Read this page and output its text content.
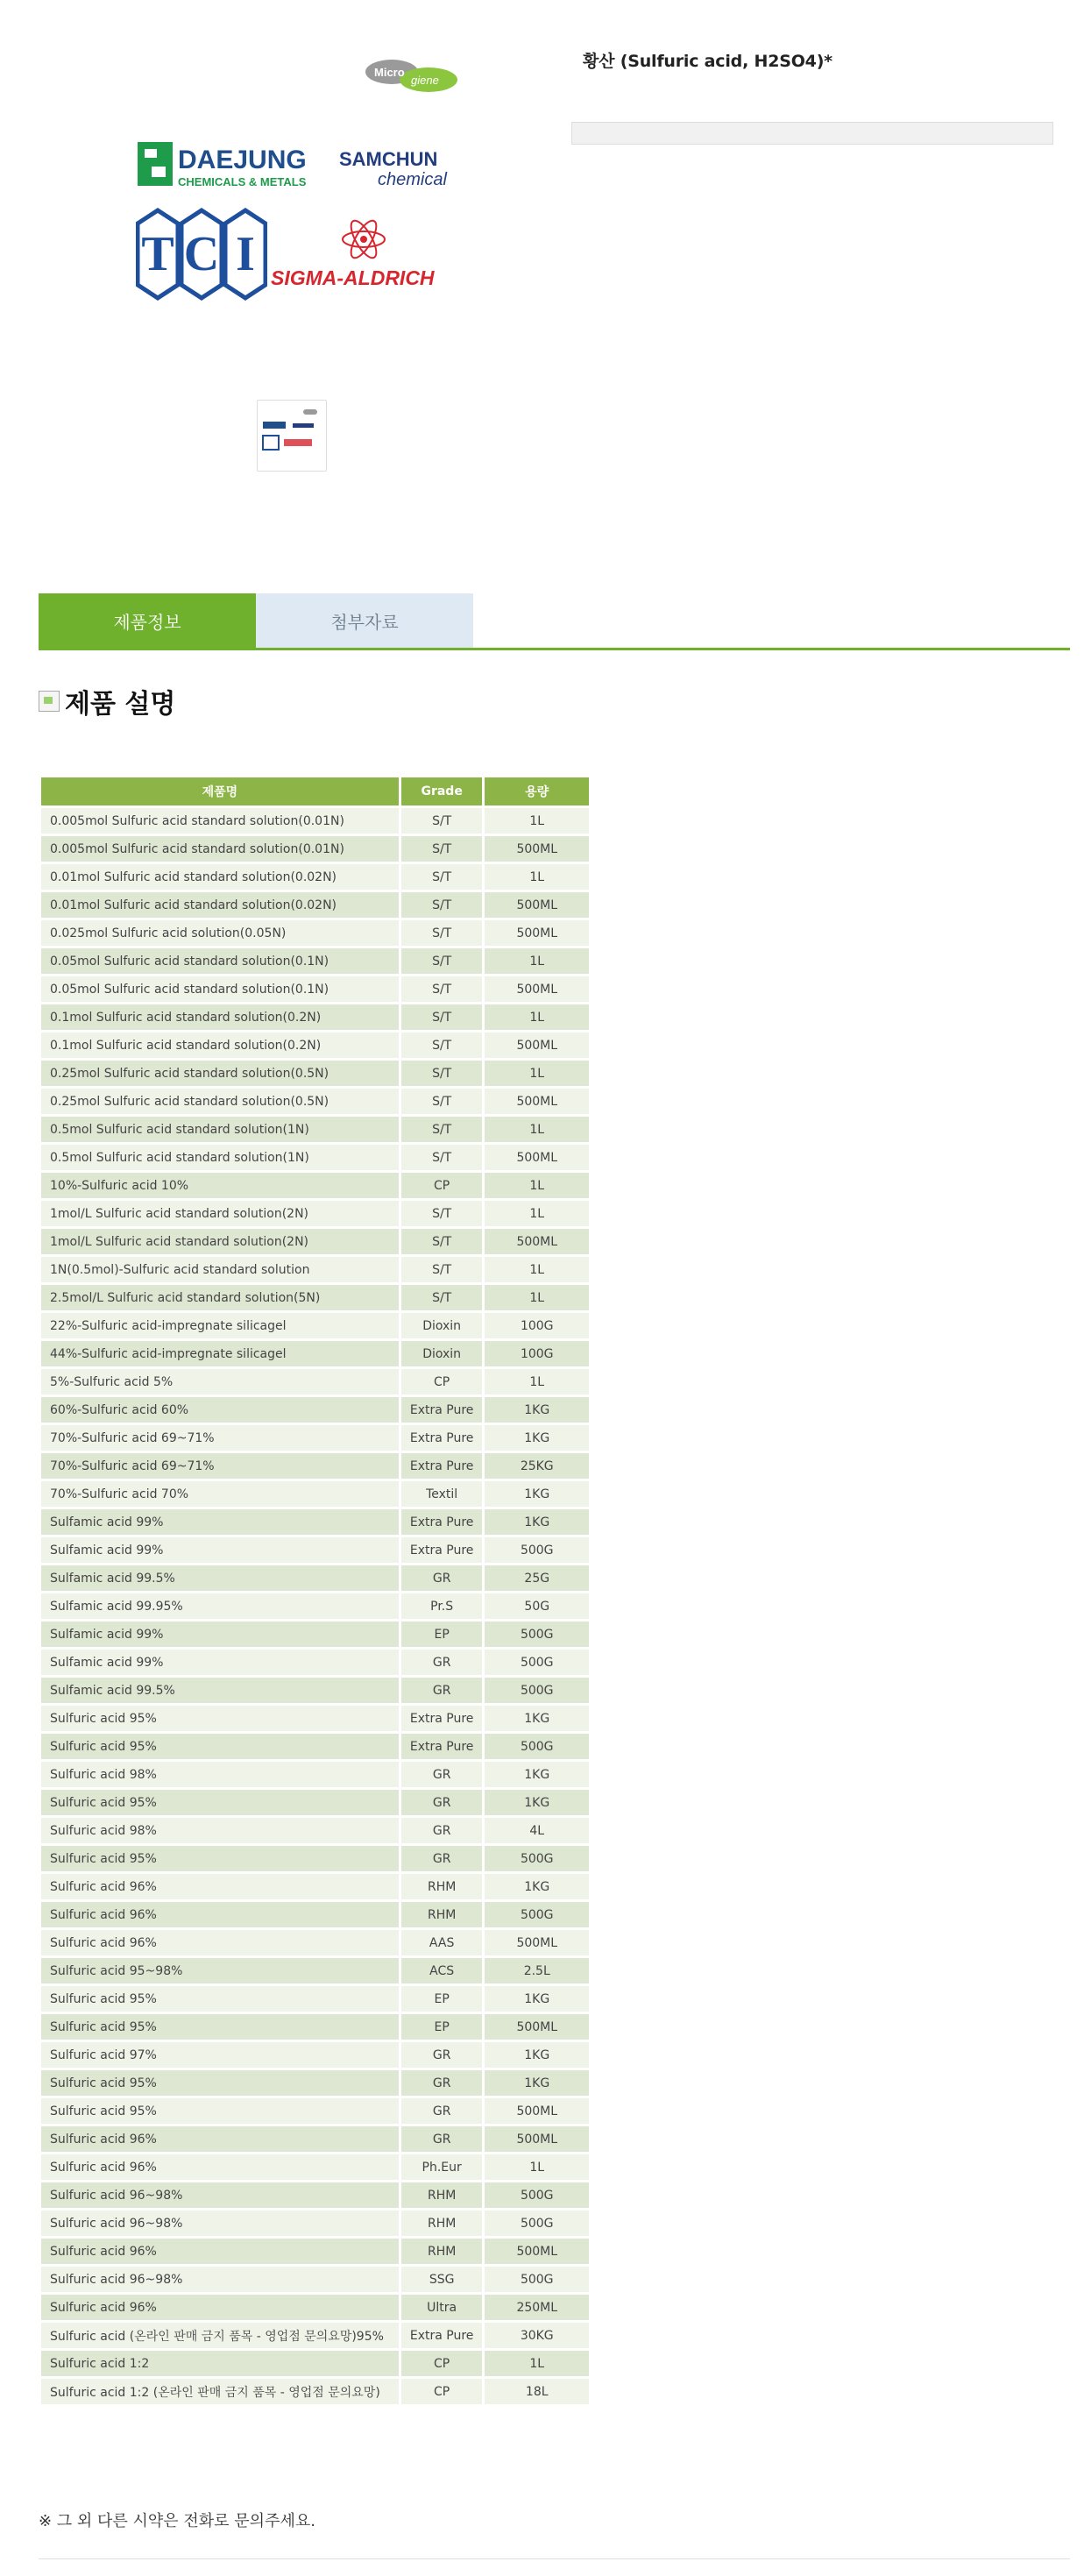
Micro
giene
DAEJUNG
CHEMICALS & METALS
SAMCHUN
chemical
T C I SIGMA-ALDRICH
황산 (Sulfuric acid, H2SO4)*
제품정보	첨부자료
제품 설명
제품명	Grade	용량
0.005mol Sulfuric acid standard solution(0.01N)	S/T	1L
0.005mol Sulfuric acid standard solution(0.01N)	S/T	500ML
0.01mol Sulfuric acid standard solution(0.02N)	S/T	1L
0.01mol Sulfuric acid standard solution(0.02N)	S/T	500ML
0.025mol Sulfuric acid solution(0.05N)	S/T	500ML
0.05mol Sulfuric acid standard solution(0.1N)	S/T	1L
0.05mol Sulfuric acid standard solution(0.1N)	S/T	500ML
0.1mol Sulfuric acid standard solution(0.2N)	S/T	1L
0.1mol Sulfuric acid standard solution(0.2N)	S/T	500ML
0.25mol Sulfuric acid standard solution(0.5N)	S/T	1L
0.25mol Sulfuric acid standard solution(0.5N)	S/T	500ML
0.5mol Sulfuric acid standard solution(1N)	S/T	1L
0.5mol Sulfuric acid standard solution(1N)	S/T	500ML
10%-Sulfuric acid 10%	CP	1L
1mol/L Sulfuric acid standard solution(2N)	S/T	1L
1mol/L Sulfuric acid standard solution(2N)	S/T	500ML
1N(0.5mol)-Sulfuric acid standard solution	S/T	1L
2.5mol/L Sulfuric acid standard solution(5N)	S/T	1L
22%-Sulfuric acid-impregnate silicagel	Dioxin	100G
44%-Sulfuric acid-impregnate silicagel	Dioxin	100G
5%-Sulfuric acid 5%	CP	1L
60%-Sulfuric acid 60%	Extra Pure	1KG
70%-Sulfuric acid 69~71%	Extra Pure	1KG
70%-Sulfuric acid 69~71%	Extra Pure	25KG
70%-Sulfuric acid 70%	Textil	1KG
Sulfamic acid 99%	Extra Pure	1KG
Sulfamic acid 99%	Extra Pure	500G
Sulfamic acid 99.5%	GR	25G
Sulfamic acid 99.95%	Pr.S	50G
Sulfamic acid 99%	EP	500G
Sulfamic acid 99%	GR	500G
Sulfamic acid 99.5%	GR	500G
Sulfuric acid 95%	Extra Pure	1KG
Sulfuric acid 95%	Extra Pure	500G
Sulfuric acid 98%	GR	1KG
Sulfuric acid 95%	GR	1KG
Sulfuric acid 98%	GR	4L
Sulfuric acid 95%	GR	500G
Sulfuric acid 96%	RHM	1KG
Sulfuric acid 96%	RHM	500G
Sulfuric acid 96%	AAS	500ML
Sulfuric acid 95~98%	ACS	2.5L
Sulfuric acid 95%	EP	1KG
Sulfuric acid 95%	EP	500ML
Sulfuric acid 97%	GR	1KG
Sulfuric acid 95%	GR	1KG
Sulfuric acid 95%	GR	500ML
Sulfuric acid 96%	GR	500ML
Sulfuric acid 96%	Ph.Eur	1L
Sulfuric acid 96~98%	RHM	500G
Sulfuric acid 96~98%	RHM	500G
Sulfuric acid 96%	RHM	500ML
Sulfuric acid 96~98%	SSG	500G
Sulfuric acid 96%	Ultra	250ML
Sulfuric acid (온라인 판매 금지 품목 - 영업점 문의요망)95%	Extra Pure	30KG
Sulfuric acid 1:2	CP	1L
Sulfuric acid 1:2 (온라인 판매 금지 품목 - 영업점 문의요망)	CP	18L
※ 그 외 다른 시약은 전화로 문의주세요.
